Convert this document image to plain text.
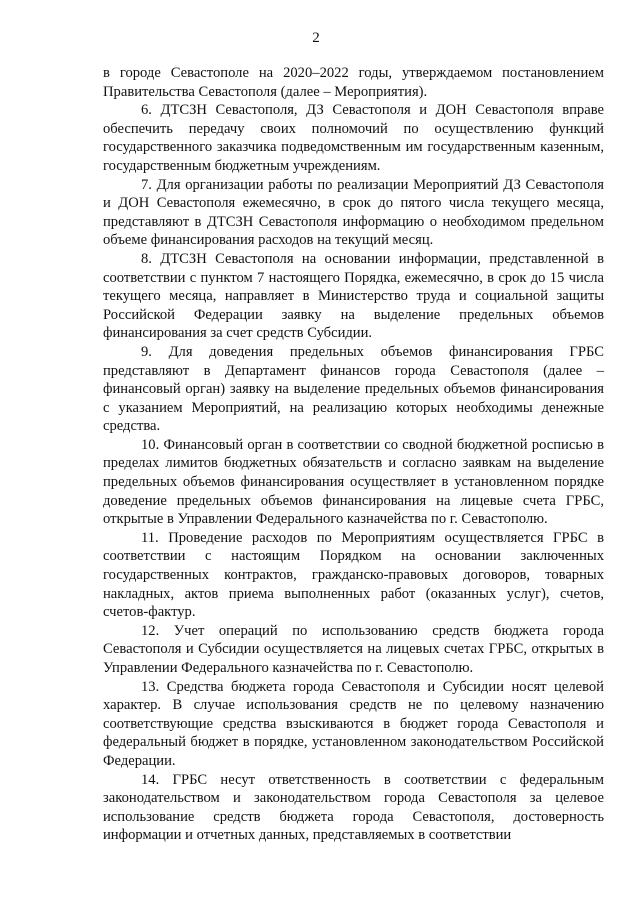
2

в городе Севастополе на 2020–2022 годы, утверждаемом постановлением Правительства Севастополя (далее – Мероприятия).

6. ДТСЗН Севастополя, ДЗ Севастополя и ДОН Севастополя вправе обеспечить передачу своих полномочий по осуществлению функций государственного заказчика подведомственным им государственным казенным, государственным бюджетным учреждениям.

7. Для организации работы по реализации Мероприятий ДЗ Севастополя и ДОН Севастополя ежемесячно, в срок до пятого числа текущего месяца, представляют в ДТСЗН Севастополя информацию о необходимом предельном объеме финансирования расходов на текущий месяц.

8. ДТСЗН Севастополя на основании информации, представленной в соответствии с пунктом 7 настоящего Порядка, ежемесячно, в срок до 15 числа текущего месяца, направляет в Министерство труда и социальной защиты Российской Федерации заявку на выделение предельных объемов финансирования за счет средств Субсидии.

9. Для доведения предельных объемов финансирования ГРБС представляют в Департамент финансов города Севастополя (далее – финансовый орган) заявку на выделение предельных объемов финансирования с указанием Мероприятий, на реализацию которых необходимы денежные средства.

10. Финансовый орган в соответствии со сводной бюджетной росписью в пределах лимитов бюджетных обязательств и согласно заявкам на выделение предельных объемов финансирования осуществляет в установленном порядке доведение предельных объемов финансирования на лицевые счета ГРБС, открытые в Управлении Федерального казначейства по г. Севастополю.

11. Проведение расходов по Мероприятиям осуществляется ГРБС в соответствии с настоящим Порядком на основании заключенных государственных контрактов, гражданско-правовых договоров, товарных накладных, актов приема выполненных работ (оказанных услуг), счетов, счетов-фактур.

12. Учет операций по использованию средств бюджета города Севастополя и Субсидии осуществляется на лицевых счетах ГРБС, открытых в Управлении Федерального казначейства по г. Севастополю.

13. Средства бюджета города Севастополя и Субсидии носят целевой характер. В случае использования средств не по целевому назначению соответствующие средства взыскиваются в бюджет города Севастополя и федеральный бюджет в порядке, установленном законодательством Российской Федерации.

14. ГРБС несут ответственность в соответствии с федеральным законодательством и законодательством города Севастополя за целевое использование средств бюджета города Севастополя, достоверность информации и отчетных данных, представляемых в соответствии
